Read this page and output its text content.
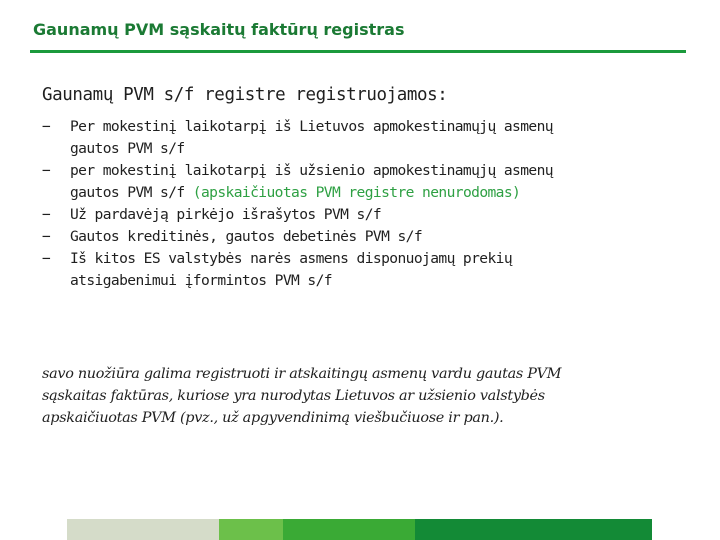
Gaunamų PVM sąskaitų faktūrų registras
Gaunamų PVM s/f registre registruojamos:
−	Per mokestinį laikotarpį iš Lietuvos apmokestinamųjų asmenų
gautos PVM s/f
−	per mokestinį laikotarpį iš užsienio apmokestinamųjų asmenų
gautos PVM s/f (apskaičiuotas PVM registre nenurodomas)
−	Už pardavėją pirkėjo išrašytos PVM s/f
−	Gautos kreditinės, gautos debetinės PVM s/f
−	Iš kitos ES valstybės narės asmens disponuojamų prekių
atsigabenimui įformintos PVM s/f
savo nuožiūra galima registruoti ir atskaitingų asmenų vardu gautas PVM
sąskaitas faktūras, kuriose yra nurodytas Lietuvos ar užsienio valstybės
apskaičiuotas PVM (pvz., už apgyvendinimą viešbučiuose ir pan.).
